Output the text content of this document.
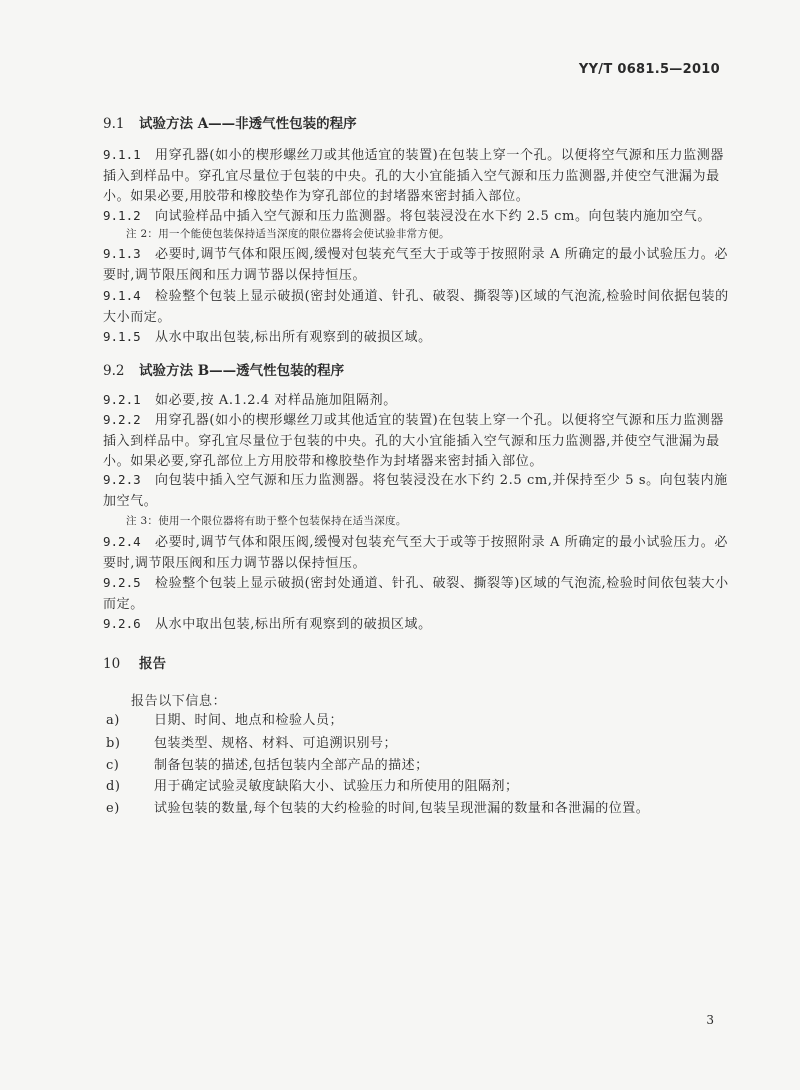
YY/T 0681.5—2010
9.1 试验方法 A——非透气性包装的程序
9.1.1 用穿孔器(如小的楔形螺丝刀或其他适宜的装置)在包装上穿一个孔。以便将空气源和压力监测器插入到样品中。穿孔宜尽量位于包装的中央。孔的大小宜能插入空气源和压力监测器,并使空气泄漏为最小。如果必要,用胶带和橡胶垫作为穿孔部位的封堵器來密封插入部位。
9.1.2 向试验样品中插入空气源和压力监测器。将包装浸没在水下约 2.5 cm。向包装内施加空气。
注 2：用一个能使包装保持适当深度的限位器将会使试验非常方便。
9.1.3 必要时,调节气体和限压阀,缓慢对包装充气至大于或等于按照附录 A 所确定的最小试验压力。必要时,调节限压阀和压力调节器以保持恒压。
9.1.4 检验整个包装上显示破损(密封处通道、针孔、破裂、撕裂等)区域的气泡流,检验时间依据包装的大小而定。
9.1.5 从水中取出包装,标出所有观察到的破损区域。
9.2 试验方法 B——透气性包装的程序
9.2.1 如必要,按 A.1.2.4 对样品施加阻隔剂。
9.2.2 用穿孔器(如小的楔形螺丝刀或其他适宜的装置)在包装上穿一个孔。以便将空气源和压力监测器插入到样品中。穿孔宜尽量位于包装的中央。孔的大小宜能插入空气源和压力监测器,并使空气泄漏为最小。如果必要,穿孔部位上方用胶带和橡胶垫作为封堵器来密封插入部位。
9.2.3 向包装中插入空气源和压力监测器。将包装浸没在水下约 2.5 cm,并保持至少 5 s。向包装内施加空气。
注 3：使用一个限位器将有助于整个包装保持在适当深度。
9.2.4 必要时,调节气体和限压阀,缓慢对包装充气至大于或等于按照附录 A 所确定的最小试验压力。必要时,调节限压阀和压力调节器以保持恒压。
9.2.5 检验整个包装上显示破损(密封处通道、针孔、破裂、撕裂等)区域的气泡流,检验时间依包装大小而定。
9.2.6 从水中取出包装,标出所有观察到的破损区域。
10 报告
报告以下信息：
a)	日期、时间、地点和检验人员；
b)	包装类型、规格、材料、可追溯识别号；
c)	制备包装的描述,包括包装内全部产品的描述；
d)	用于确定试验灵敏度缺陷大小、试验压力和所使用的阻隔剂；
e)	试验包装的数量,每个包装的大约检验的时间,包装呈现泄漏的数量和各泄漏的位置。
3
